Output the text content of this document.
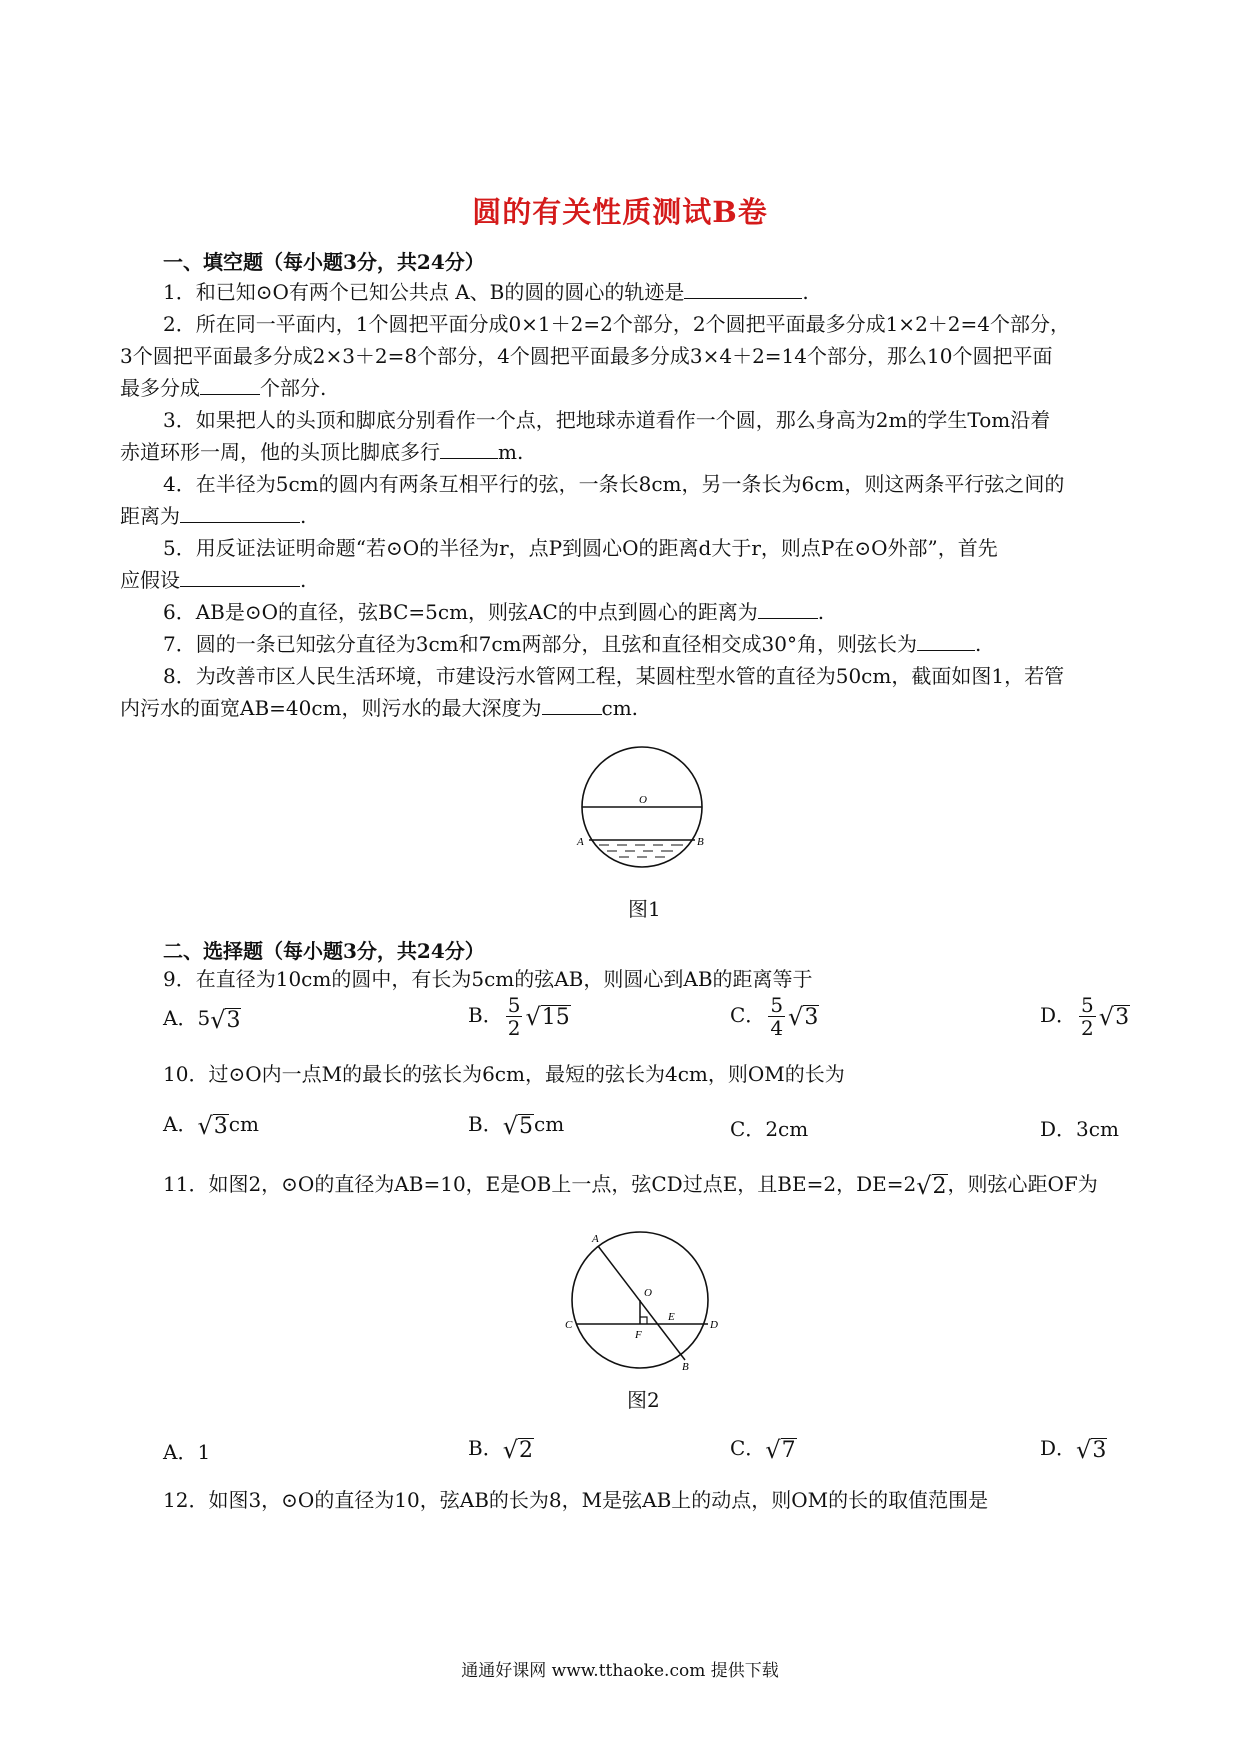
圆的有关性质测试B卷
一、填空题（每小题3分，共24分）
1．和已知⊙O有两个已知公共点 A、B的圆的圆心的轨迹是	.
2．所在同一平面内，1个圆把平面分成0×1＋2=2个部分，2个圆把平面最多分成1×2＋2=4个部分，
3个圆把平面最多分成2×3＋2=8个部分，4个圆把平面最多分成3×4＋2=14个部分，那么10个圆把平面
最多分成	个部分.
3．如果把人的头顶和脚底分别看作一个点，把地球赤道看作一个圆，那么身高为2m的学生Tom沿着
赤道环形一周，他的头顶比脚底多行	m.
4．在半径为5cm的圆内有两条互相平行的弦，一条长8cm，另一条长为6cm，则这两条平行弦之间的
距离为	.
5．用反证法证明命题“若⊙O的半径为r，点P到圆心O的距离d大于r，则点P在⊙O外部”，首先
应假设	.
6．AB是⊙O的直径，弦BC=5cm，则弦AC的中点到圆心的距离为	.
7．圆的一条已知弦分直径为3cm和7cm两部分，且弦和直径相交成30°角，则弦长为	.
8．为改善市区人民生活环境，市建设污水管网工程，某圆柱型水管的直径为50cm，截面如图1，若管
内污水的面宽AB=40cm，则污水的最大深度为	cm.
O
A	B
图1
二、选择题（每小题3分，共24分）
9．在直径为10cm的圆中，有长为5cm的弦AB，则圆心到AB的距离等于
A．5 √ 3	B． $\frac{5}{2}$ √ 15	C． $\frac{5}{4}$ √ 3	D． $\frac{5}{2}$ √ 3
10．过⊙O内一点M的最长的弦长为6cm，最短的弦长为4cm，则OM的长为
A． √ 3 cm	B． √ 5 cm	C．2cm	D．3cm
11．如图2，⊙O的直径为AB=10，E是OB上一点，弦CD过点E，且BE=2，DE=2 √ 2 ，则弦心距OF为
A
O
C
F
E
D
B
图2
A．1	B． √ 2	C． √ 7	D． √ 3
12．如图3，⊙O的直径为10，弦AB的长为8，M是弦AB上的动点，则OM的长的取值范围是
通通好课网 www.tthaoke.com 提供下载
